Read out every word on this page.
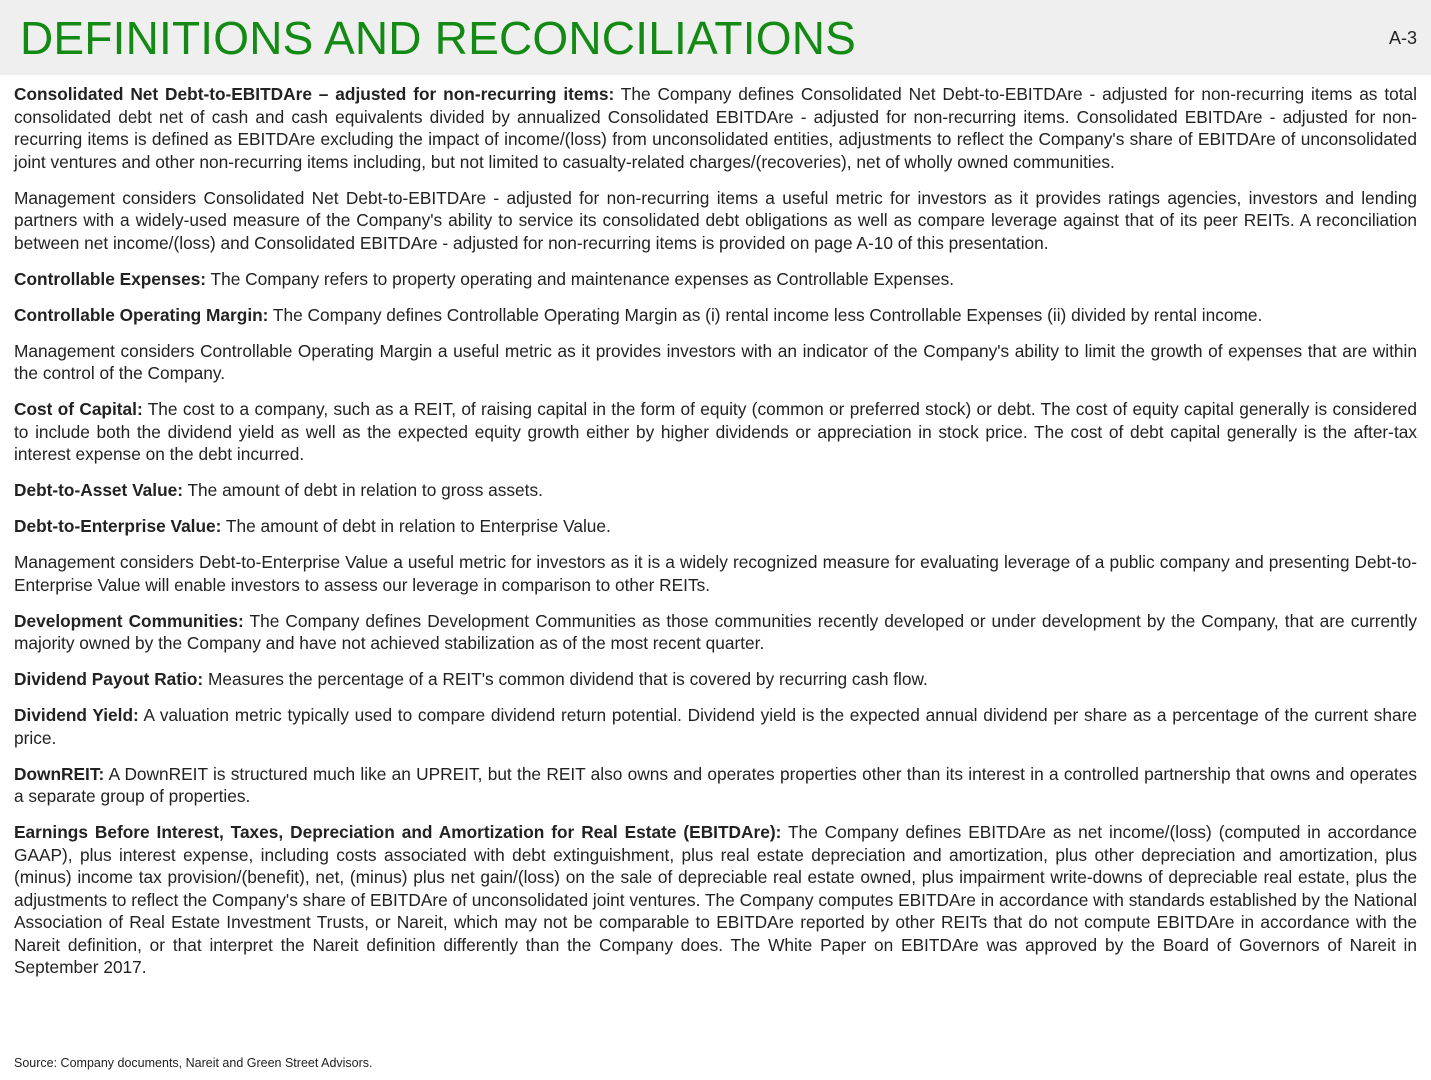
DEFINITIONS AND RECONCILIATIONS	A-3

Consolidated Net Debt-to-EBITDAre – adjusted for non-recurring items: The Company defines Consolidated Net Debt-to-EBITDAre - adjusted for non-recurring items as total consolidated debt net of cash and cash equivalents divided by annualized Consolidated EBITDAre - adjusted for non-recurring items. Consolidated EBITDAre - adjusted for non-recurring items is defined as EBITDAre excluding the impact of income/(loss) from unconsolidated entities, adjustments to reflect the Company's share of EBITDAre of unconsolidated joint ventures and other non-recurring items including, but not limited to casualty-related charges/(recoveries), net of wholly owned communities.

Management considers Consolidated Net Debt-to-EBITDAre - adjusted for non-recurring items a useful metric for investors as it provides ratings agencies, investors and lending partners with a widely-used measure of the Company's ability to service its consolidated debt obligations as well as compare leverage against that of its peer REITs. A reconciliation between net income/(loss) and Consolidated EBITDAre - adjusted for non-recurring items is provided on page A-10 of this presentation.

Controllable Expenses: The Company refers to property operating and maintenance expenses as Controllable Expenses.

Controllable Operating Margin: The Company defines Controllable Operating Margin as (i) rental income less Controllable Expenses (ii) divided by rental income.

Management considers Controllable Operating Margin a useful metric as it provides investors with an indicator of the Company's ability to limit the growth of expenses that are within the control of the Company.

Cost of Capital: The cost to a company, such as a REIT, of raising capital in the form of equity (common or preferred stock) or debt. The cost of equity capital generally is considered to include both the dividend yield as well as the expected equity growth either by higher dividends or appreciation in stock price. The cost of debt capital generally is the after-tax interest expense on the debt incurred.

Debt-to-Asset Value: The amount of debt in relation to gross assets.

Debt-to-Enterprise Value: The amount of debt in relation to Enterprise Value.

Management considers Debt-to-Enterprise Value a useful metric for investors as it is a widely recognized measure for evaluating leverage of a public company and presenting Debt-to-Enterprise Value will enable investors to assess our leverage in comparison to other REITs.

Development Communities: The Company defines Development Communities as those communities recently developed or under development by the Company, that are currently majority owned by the Company and have not achieved stabilization as of the most recent quarter.

Dividend Payout Ratio: Measures the percentage of a REIT's common dividend that is covered by recurring cash flow.

Dividend Yield: A valuation metric typically used to compare dividend return potential. Dividend yield is the expected annual dividend per share as a percentage of the current share price.

DownREIT: A DownREIT is structured much like an UPREIT, but the REIT also owns and operates properties other than its interest in a controlled partnership that owns and operates a separate group of properties.

Earnings Before Interest, Taxes, Depreciation and Amortization for Real Estate (EBITDAre): The Company defines EBITDAre as net income/(loss) (computed in accordance GAAP), plus interest expense, including costs associated with debt extinguishment, plus real estate depreciation and amortization, plus other depreciation and amortization, plus (minus) income tax provision/(benefit), net, (minus) plus net gain/(loss) on the sale of depreciable real estate owned, plus impairment write-downs of depreciable real estate, plus the adjustments to reflect the Company's share of EBITDAre of unconsolidated joint ventures. The Company computes EBITDAre in accordance with standards established by the National Association of Real Estate Investment Trusts, or Nareit, which may not be comparable to EBITDAre reported by other REITs that do not compute EBITDAre in accordance with the Nareit definition, or that interpret the Nareit definition differently than the Company does. The White Paper on EBITDAre was approved by the Board of Governors of Nareit in September 2017.

Source: Company documents, Nareit and Green Street Advisors.
